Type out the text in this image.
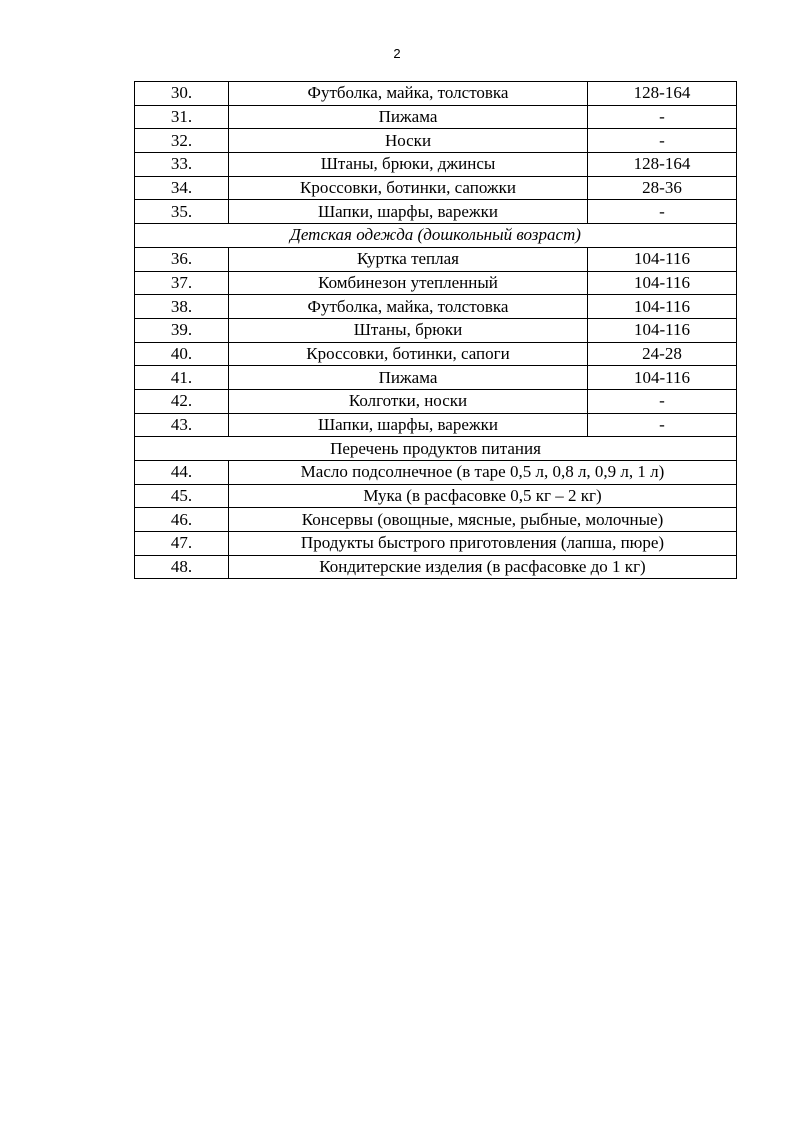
2
30.	Футболка, майка, толстовка	128-164
31.	Пижама	-
32.	Носки	-
33.	Штаны, брюки, джинсы	128-164
34.	Кроссовки, ботинки, сапожки	28-36
35.	Шапки, шарфы, варежки	-
Детская одежда (дошкольный возраст)		
36.	Куртка теплая	104-116
37.	Комбинезон утепленный	104-116
38.	Футболка, майка, толстовка	104-116
39.	Штаны, брюки	104-116
40.	Кроссовки, ботинки, сапоги	24-28
41.	Пижама	104-116
42.	Колготки, носки	-
43.	Шапки, шарфы, варежки	-
Перечень продуктов питания		
44.	Масло подсолнечное (в таре 0,5 л, 0,8 л, 0,9 л, 1 л)	
45.	Мука (в расфасовке 0,5 кг – 2 кг)	
46.	Консервы (овощные, мясные, рыбные, молочные)	
47.	Продукты быстрого приготовления (лапша, пюре)	
48.	Кондитерские изделия (в расфасовке до 1 кг)	
